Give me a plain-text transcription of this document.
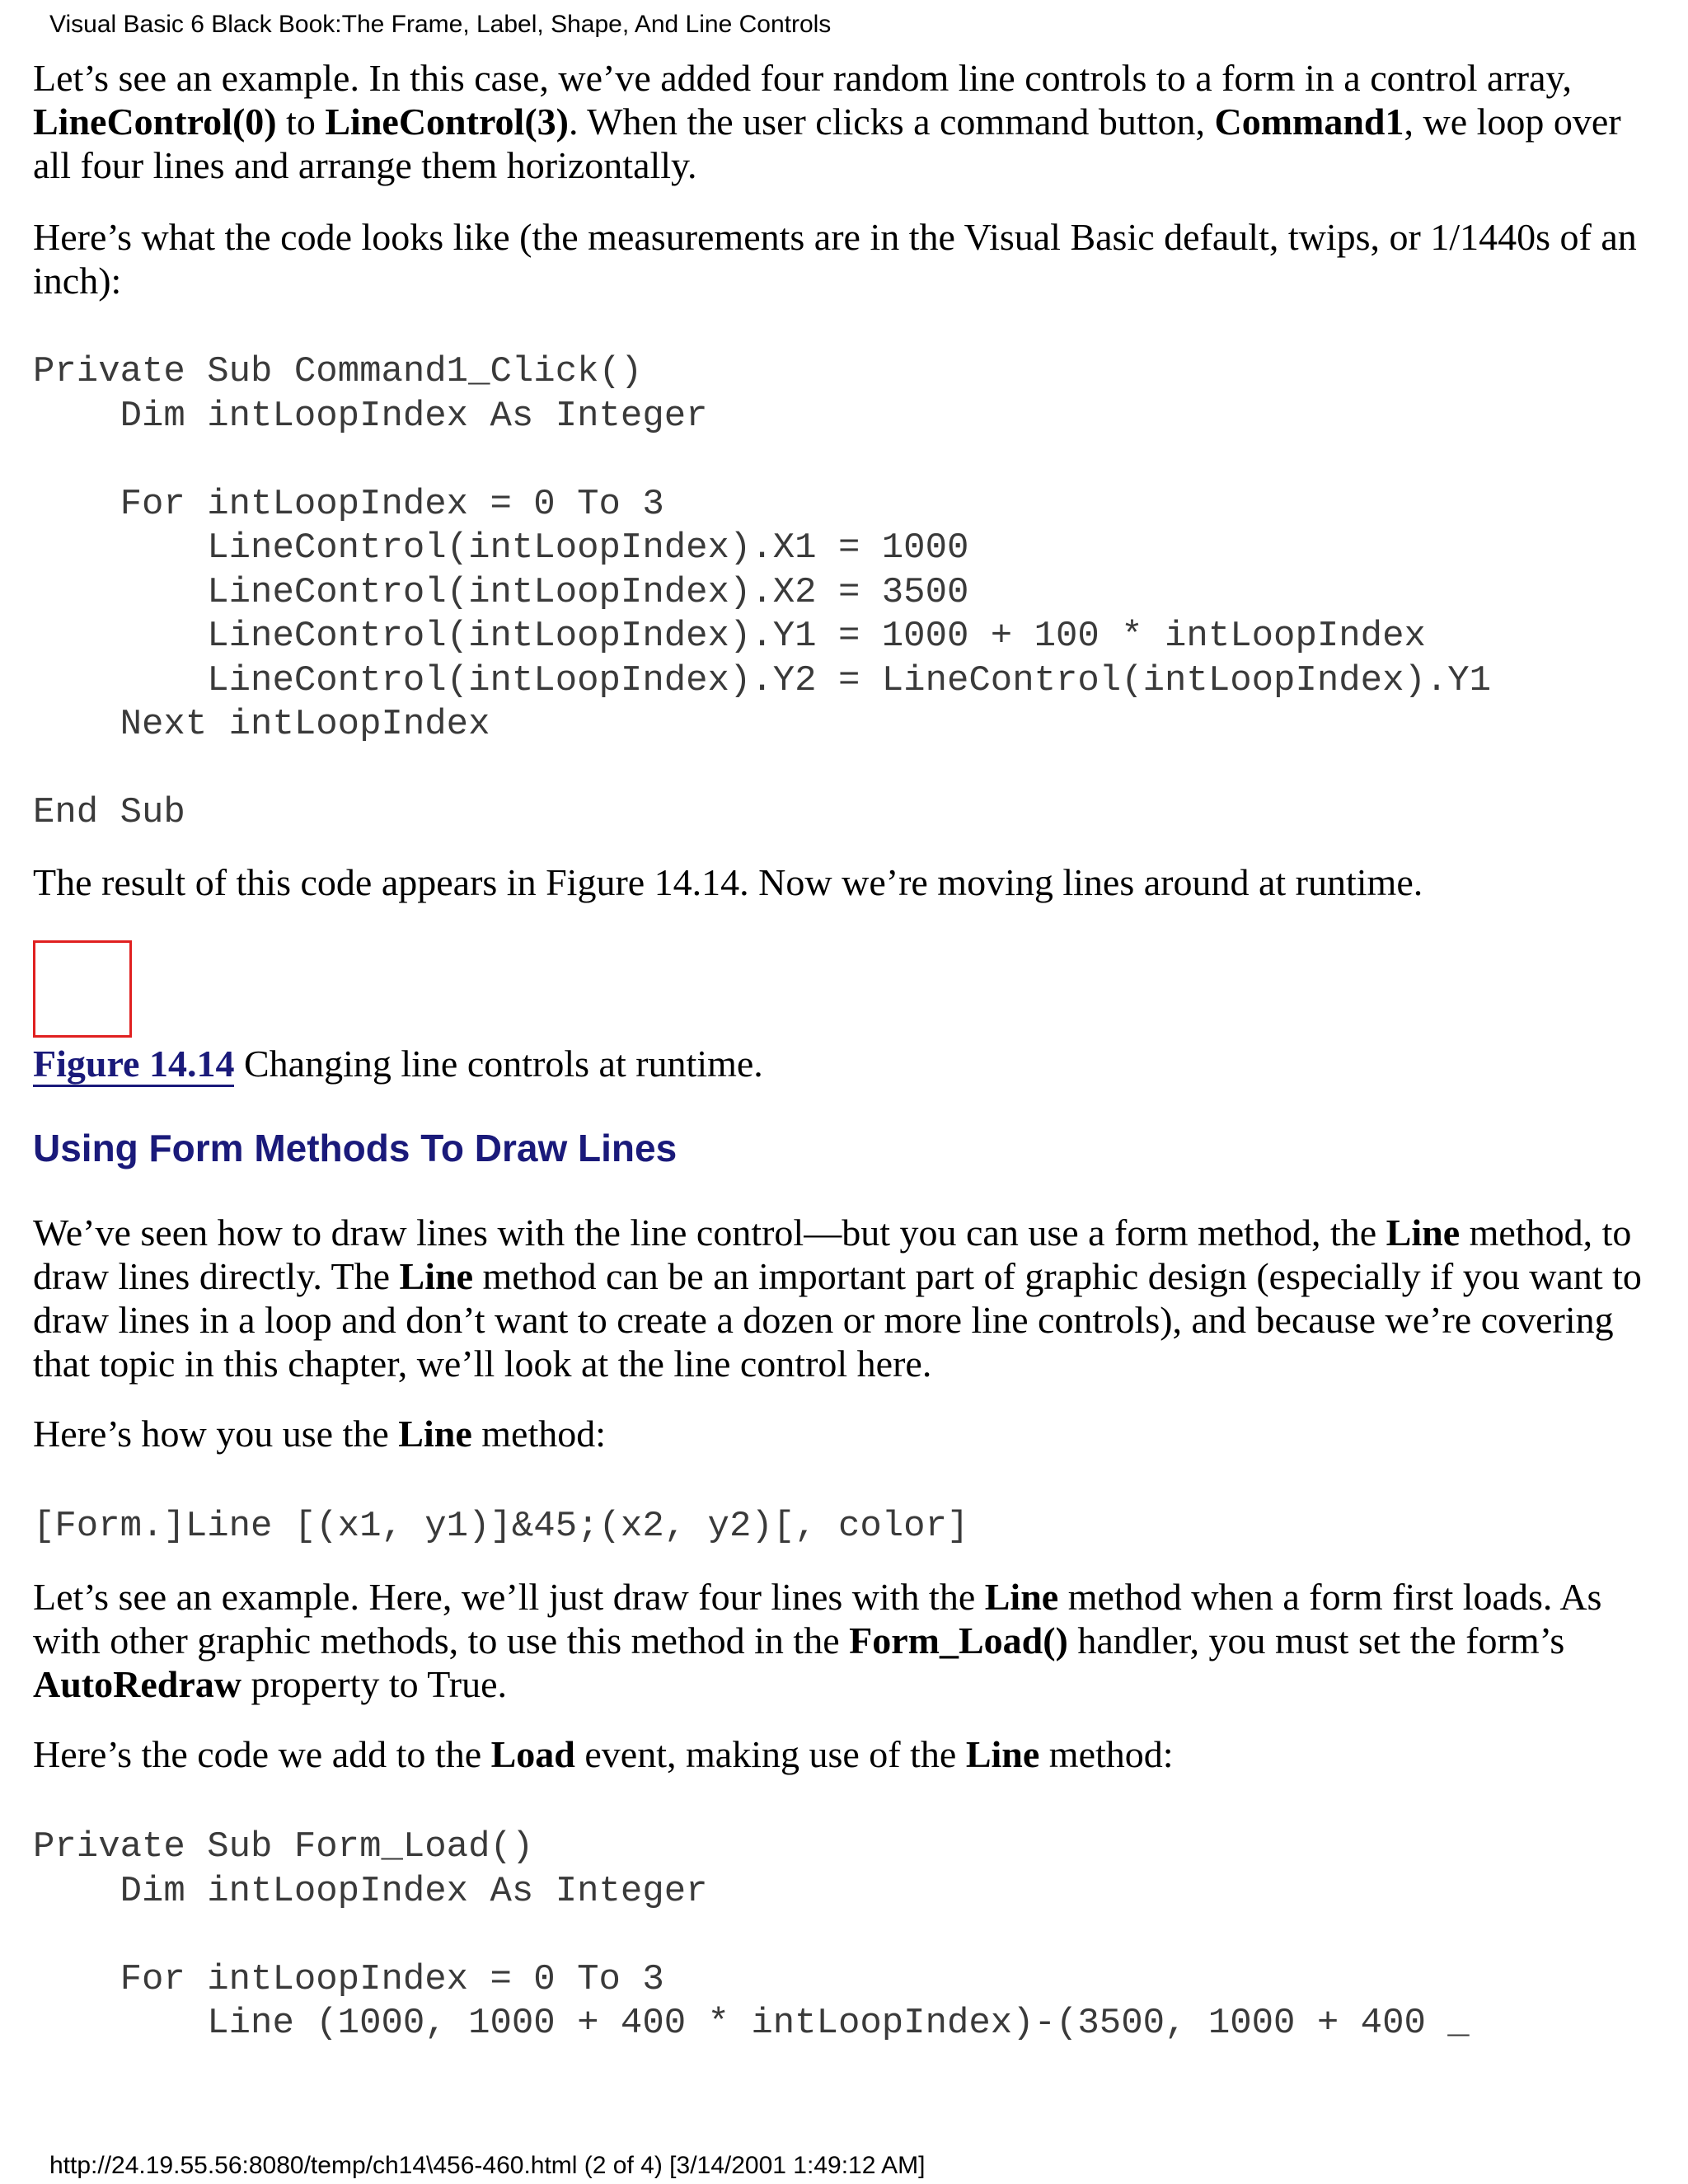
Visual Basic 6 Black Book:The Frame, Label, Shape, And Line Controls

Let’s see an example. In this case, we’ve added four random line controls to a form in a control array, LineControl(0) to LineControl(3). When the user clicks a command button, Command1, we loop over all four lines and arrange them horizontally.

Here’s what the code looks like (the measurements are in the Visual Basic default, twips, or 1/1440s of an inch):

Private Sub Command1_Click()
Dim intLoopIndex As Integer

For intLoopIndex = 0 To 3
LineControl(intLoopIndex).X1 = 1000
LineControl(intLoopIndex).X2 = 3500
LineControl(intLoopIndex).Y1 = 1000 + 100 * intLoopIndex
LineControl(intLoopIndex).Y2 = LineControl(intLoopIndex).Y1
Next intLoopIndex

End Sub

The result of this code appears in Figure 14.14. Now we’re moving lines around at runtime.

Figure 14.14 Changing line controls at runtime.

Using Form Methods To Draw Lines

We’ve seen how to draw lines with the line control—but you can use a form method, the Line method, to draw lines directly. The Line method can be an important part of graphic design (especially if you want to draw lines in a loop and don’t want to create a dozen or more line controls), and because we’re covering that topic in this chapter, we’ll look at the line control here.

Here’s how you use the Line method:

[Form.]Line [(x1, y1)]&45;(x2, y2)[, color]

Let’s see an example. Here, we’ll just draw four lines with the Line method when a form first loads. As with other graphic methods, to use this method in the Form_Load() handler, you must set the form’s AutoRedraw property to True.

Here’s the code we add to the Load event, making use of the Line method:

Private Sub Form_Load()
Dim intLoopIndex As Integer

For intLoopIndex = 0 To 3
Line (1000, 1000 + 400 * intLoopIndex)-(3500, 1000 + 400 _
http://24.19.55.56:8080/temp/ch14\456-460.html (2 of 4) [3/14/2001 1:49:12 AM]
